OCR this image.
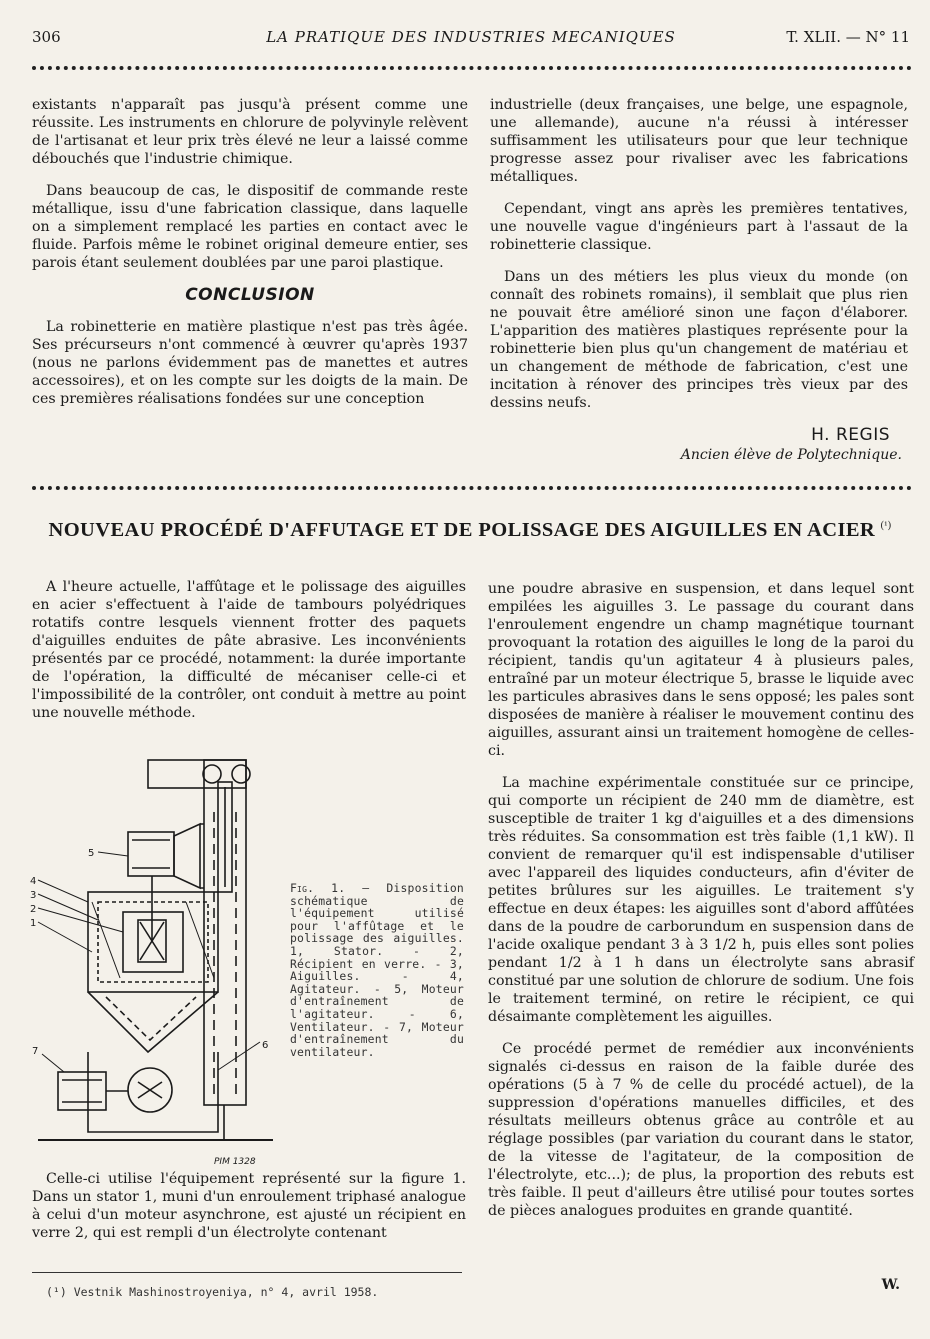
306	LA PRATIQUE DES INDUSTRIES MECANIQUES	T. XLII. — N° 11

existants n'apparaît pas jusqu'à présent comme une réussite. Les instruments en chlorure de polyvinyle relèvent de l'artisanat et leur prix très élevé ne leur a laissé comme débouchés que l'industrie chimique.

Dans beaucoup de cas, le dispositif de commande reste métallique, issu d'une fabrication classique, dans laquelle on a simplement remplacé les parties en contact avec le fluide. Parfois même le robinet original demeure entier, ses parois étant seulement doublées par une paroi plastique.

CONCLUSION

La robinetterie en matière plastique n'est pas très âgée. Ses précurseurs n'ont commencé à œuvrer qu'après 1937 (nous ne parlons évidemment pas de manettes et autres accessoires), et on les compte sur les doigts de la main. De ces premières réalisations fondées sur une conception

industrielle (deux françaises, une belge, une espagnole, une allemande), aucune n'a réussi à intéresser suffisamment les utilisateurs pour que leur technique progresse assez pour rivaliser avec les fabrications métalliques.

Cependant, vingt ans après les premières tentatives, une nouvelle vague d'ingénieurs part à l'assaut de la robinetterie classique.

Dans un des métiers les plus vieux du monde (on connaît des robinets romains), il semblait que plus rien ne pouvait être amélioré sinon une façon d'élaborer. L'apparition des matières plastiques représente pour la robinetterie bien plus qu'un changement de matériau et un changement de méthode de fabrication, c'est une incitation à rénover des principes très vieux par des dessins neufs.

H. REGIS
Ancien élève de Polytechnique.
NOUVEAU PROCÉDÉ D'AFFUTAGE ET DE POLISSAGE DES AIGUILLES EN ACIER $^{(^1)}$

A l'heure actuelle, l'affûtage et le polissage des aiguilles en acier s'effectuent à l'aide de tambours polyédriques rotatifs contre lesquels viennent frotter des paquets d'aiguilles enduites de pâte abrasive. Les inconvénients présentés par ce procédé, notamment: la durée importante de l'opération, la difficulté de mécaniser celle-ci et l'impossibilité de la contrôler, ont conduit à mettre au point une nouvelle méthode.

5
4
3
2
1
7
6
PIM 1328
Fig. 1. — Disposition schématique de l'équipement utilisé pour l'affûtage et le polissage des aiguilles. 1, Stator. - 2, Récipient en verre. - 3, Aiguilles. - 4, Agitateur. - 5, Moteur d'entraînement de l'agitateur. - 6, Ventilateur. - 7, Moteur d'entraînement du ventilateur.

Celle-ci utilise l'équipement représenté sur la figure 1. Dans un stator 1, muni d'un enroulement triphasé analogue à celui d'un moteur asynchrone, est ajusté un récipient en verre 2, qui est rempli d'un électrolyte contenant

une poudre abrasive en suspension, et dans lequel sont empilées les aiguilles 3. Le passage du courant dans l'enroulement engendre un champ magnétique tournant provoquant la rotation des aiguilles le long de la paroi du récipient, tandis qu'un agitateur 4 à plusieurs pales, entraîné par un moteur électrique 5, brasse le liquide avec les particules abrasives dans le sens opposé; les pales sont disposées de manière à réaliser le mouvement continu des aiguilles, assurant ainsi un traitement homogène de celles-ci.

La machine expérimentale constituée sur ce principe, qui comporte un récipient de 240 mm de diamètre, est susceptible de traiter 1 kg d'aiguilles et a des dimensions très réduites. Sa consommation est très faible (1,1 kW). Il convient de remarquer qu'il est indispensable d'utiliser avec l'appareil des liquides conducteurs, afin d'éviter de petites brûlures sur les aiguilles. Le traitement s'y effectue en deux étapes: les aiguilles sont d'abord affûtées dans de la poudre de carborundum en suspension dans de l'acide oxalique pendant 3 à 3 1/2 h, puis elles sont polies pendant 1/2 à 1 h dans un électrolyte sans abrasif constitué par une solution de chlorure de sodium. Une fois le traitement terminé, on retire le récipient, ce qui désaimante complètement les aiguilles.

Ce procédé permet de remédier aux inconvénients signalés ci-dessus en raison de la faible durée des opérations (5 à 7 % de celle du procédé actuel), de la suppression d'opérations manuelles difficiles, et des résultats meilleurs obtenus grâce au contrôle et au réglage possibles (par variation du courant dans le stator, de la vitesse de l'agitateur, de la composition de l'électrolyte, etc...); de plus, la proportion des rebuts est très faible. Il peut d'ailleurs être utilisé pour toutes sortes de pièces analogues produites en grande quantité.

(¹) Vestnik Mashinostroyeniya, n° 4, avril 1958.	W.
